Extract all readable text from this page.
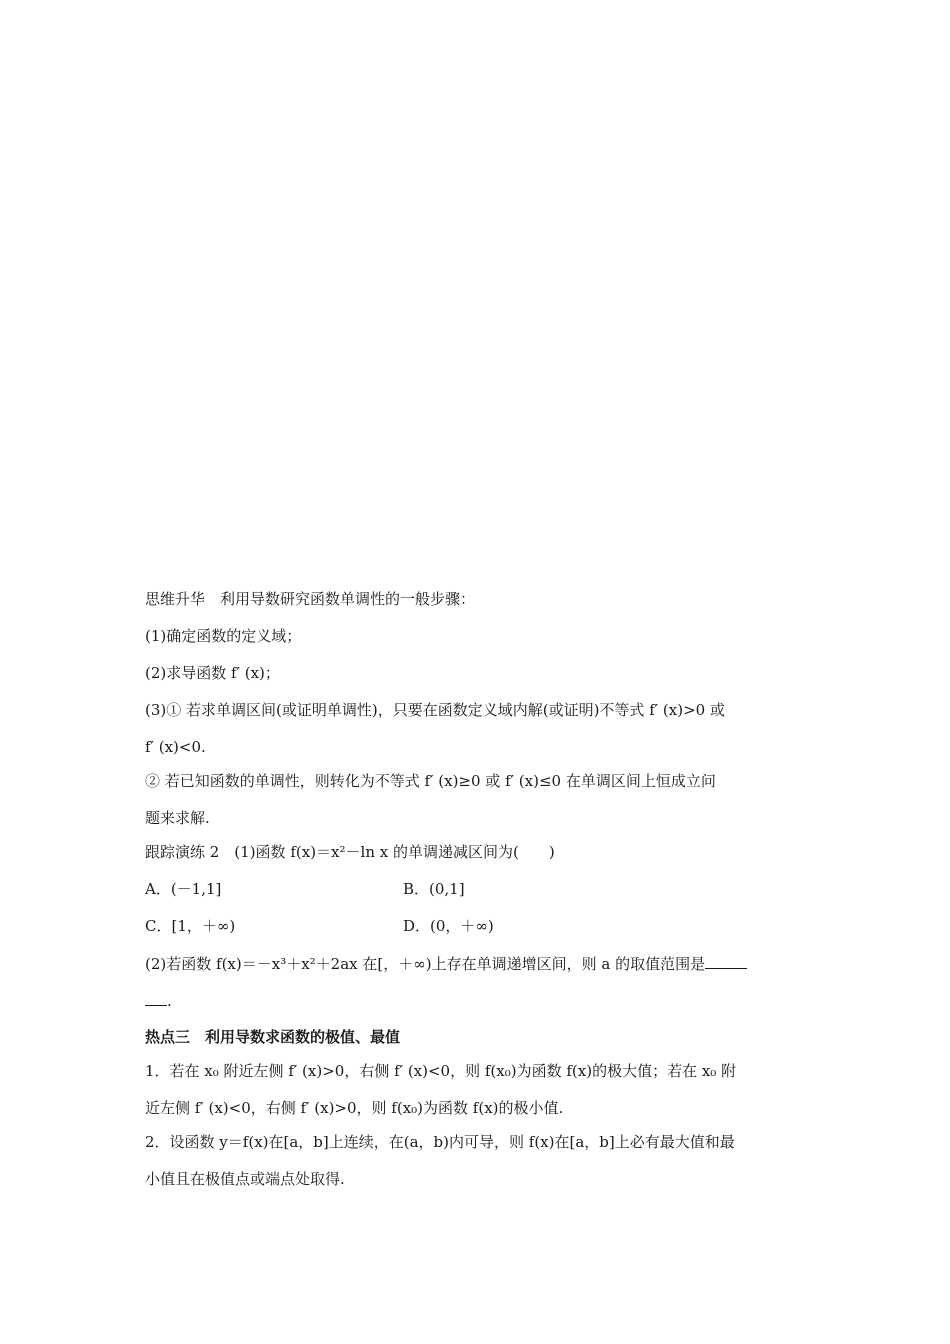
思维升华　利用导数研究函数单调性的一般步骤：
(1)确定函数的定义域；
(2)求导函数 f′ (x)；
(3)① 若求单调区间(或证明单调性)，只要在函数定义域内解(或证明)不等式 f′ (x)>0 或
f′ (x)<0.
② 若已知函数的单调性，则转化为不等式 f′ (x)≥0 或 f′ (x)≤0 在单调区间上恒成立问
题来求解.
跟踪演练 2　(1)函数 f(x)＝x²－ln x 的单调递减区间为(　　)
A．(－1,1]	B．(0,1]
C．[1，＋∞)	D．(0，＋∞)
(2)若函数 f(x)＝－x³＋x²＋2ax 在[，＋∞)上存在单调递增区间，则 a 的取值范围是
.
热点三　利用导数求函数的极值、最值
1．若在 x₀ 附近左侧 f′ (x)>0，右侧 f′ (x)<0，则 f(x₀)为函数 f(x)的极大值；若在 x₀ 附
近左侧 f′ (x)<0，右侧 f′ (x)>0，则 f(x₀)为函数 f(x)的极小值.
2．设函数 y＝f(x)在[a，b]上连续，在(a，b)内可导，则 f(x)在[a，b]上必有最大值和最
小值且在极值点或端点处取得.
